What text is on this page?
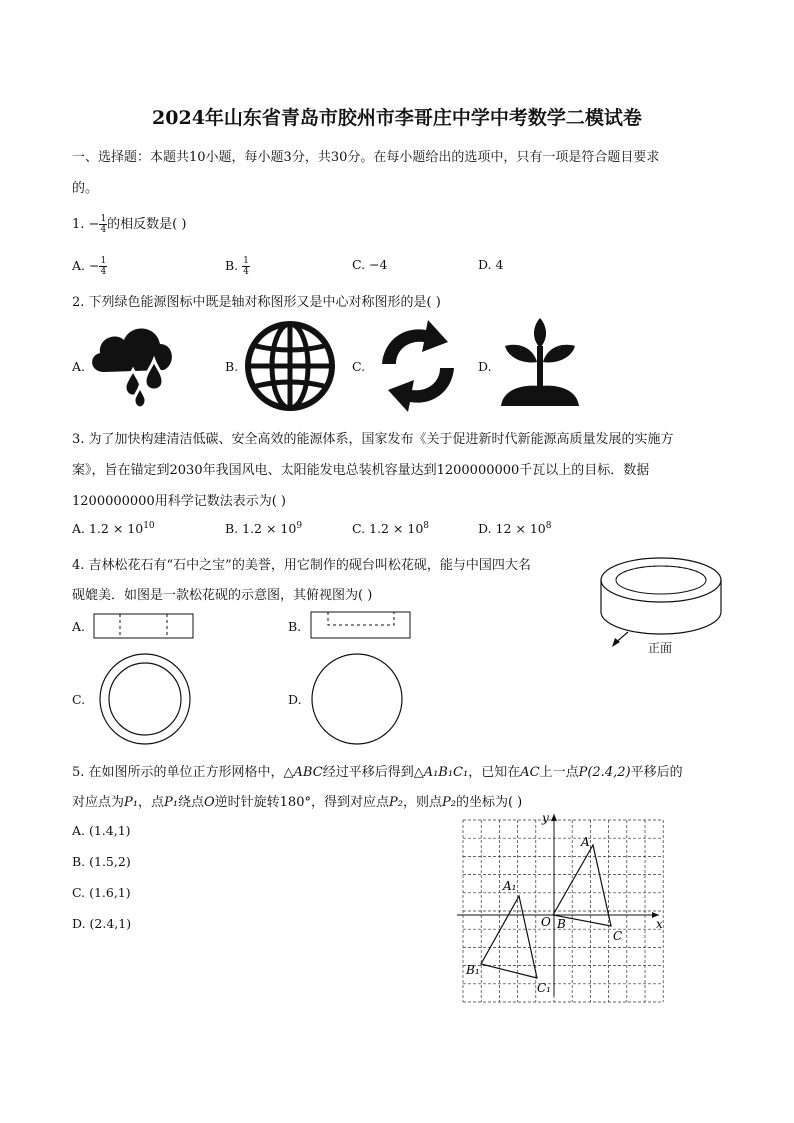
2024年山东省青岛市胶州市李哥庄中学中考数学二模试卷
一、选择题：本题共10小题，每小题3分，共30分。在每小题给出的选项中，只有一项是符合题目要求
的。
1. − $\frac{1}{4}$ 的相反数是( )
A. − $\frac{1}{4}$	B. $\frac{1}{4}$	C. −4	D. 4
2. 下列绿色能源图标中既是轴对称图形又是中心对称图形的是( )
A.	B.	C.	D.
3. 为了加快构建清洁低碳、安全高效的能源体系，国家发布《关于促进新时代新能源高质量发展的实施方
案》，旨在锚定到2030年我国风电、太阳能发电总装机容量达到1200000000千瓦以上的目标．数据
1200000000用科学记数法表示为( )
A. $1.2 \times 10^{10}$	B. $1.2 \times 10^9$	C. $1.2 \times 10^8$	D. $12 \times 10^8$
4. 吉林松花石有“石中之宝”的美誉，用它制作的砚台叫松花砚，能与中国四大名
砚媲美．如图是一款松花砚的示意图，其俯视图为( )
正面
A.	B.
C.	D.
5. 在如图所示的单位正方形网格中，△ABC经过平移后得到△A₁B₁C₁，已知在AC上一点P(2.4,2)平移后的
对应点为P₁，点P₁绕点O逆时针旋转180°，得到对应点P₂，则点P₂的坐标为( )
A. (1.4,1)
B. (1.5,2)
C. (1.6,1)
D. (2.4,1)	x
y
O
A
B
C
A₁
B₁
C₁
